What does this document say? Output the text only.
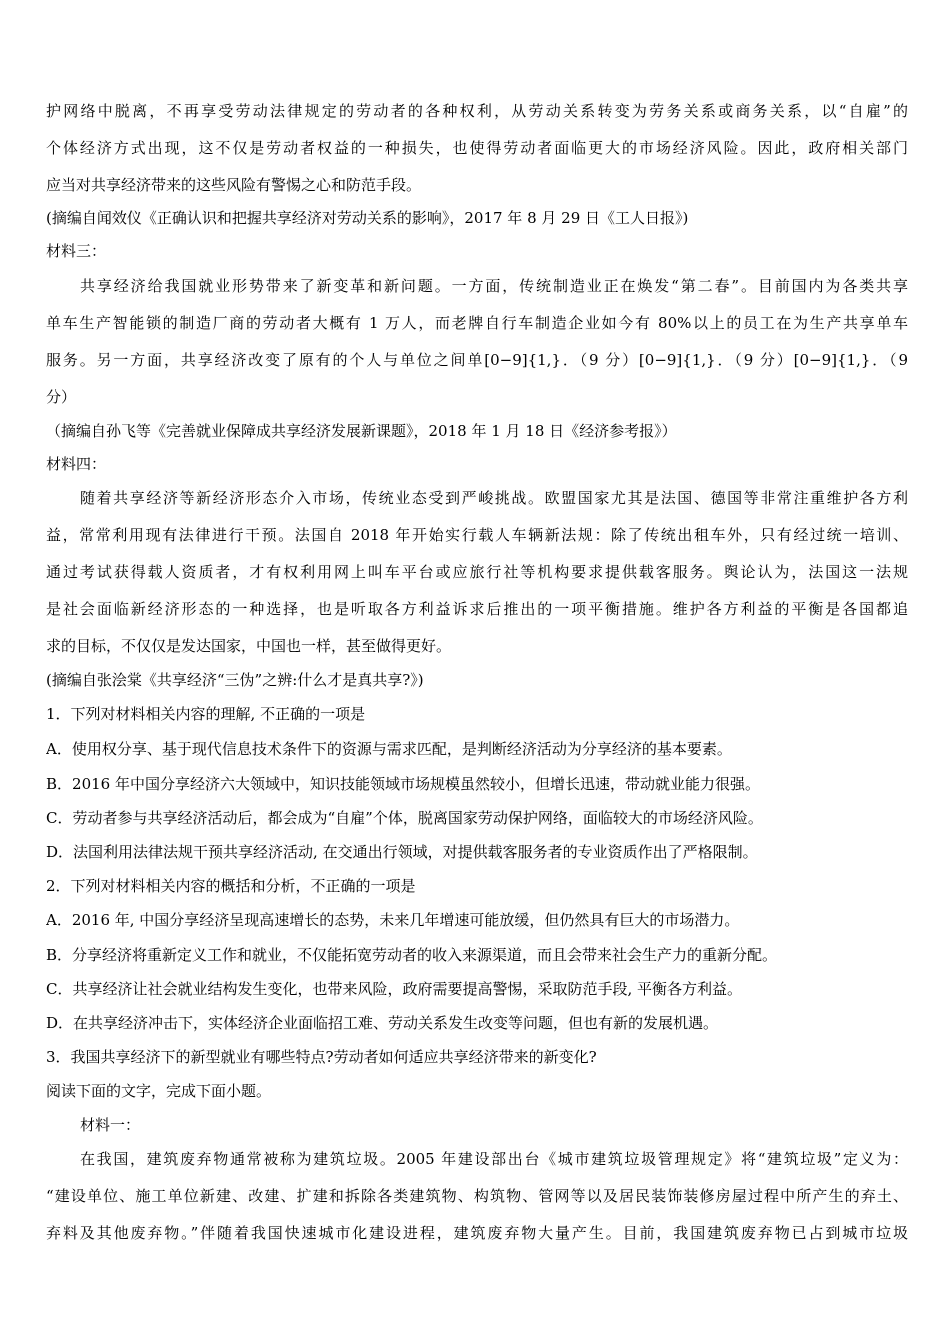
护网络中脱离，不再享受劳动法律规定的劳动者的各种权利，从劳动关系转变为劳务关系或商务关系，以“自雇”的
个体经济方式出现，这不仅是劳动者权益的一种损失，也使得劳动者面临更大的市场经济风险。因此，政府相关部门
应当对共享经济带来的这些风险有警惕之心和防范手段。
(摘编自闻效仪《正确认识和把握共享经济对劳动关系的影响》，2017 年 8 月 29 日《工人日报》)
材料三：
共享经济给我国就业形势带来了新变革和新问题。一方面，传统制造业正在焕发“第二春”。目前国内为各类共享
单车生产智能锁的制造厂商的劳动者大概有 1 万人，而老牌自行车制造企业如今有 80%以上的员工在为生产共享单车
服务。另一方面，共享经济改变了原有的个人与单位之间单[0−9]{1,}．（9 分）[0−9]{1,}．（9 分）[0−9]{1,}．（9
分）
（摘编自孙飞等《完善就业保障成共享经济发展新课题》，2018 年 1 月 18 日《经济参考报》）
材料四：
随着共享经济等新经济形态介入市场，传统业态受到严峻挑战。欧盟国家尤其是法国、德国等非常注重维护各方利
益，常常利用现有法律进行干预。法国自 2018 年开始实行载人车辆新法规：除了传统出租车外，只有经过统一培训、
通过考试获得载人资质者，才有权利用网上叫车平台或应旅行社等机构要求提供载客服务。舆论认为，法国这一法规
是社会面临新经济形态的一种选择，也是听取各方利益诉求后推出的一项平衡措施。维护各方利益的平衡是各国都追
求的目标，不仅仅是发达国家，中国也一样，甚至做得更好。
(摘编自张浍棠《共享经济“三伪”之辨:什么才是真共享?》)
1．下列对材料相关内容的理解, 不正确的一项是
A．使用权分享、基于现代信息技术条件下的资源与需求匹配，是判断经济活动为分享经济的基本要素。
B．2016 年中国分享经济六大领域中，知识技能领域市场规模虽然较小，但增长迅速，带动就业能力很强。
C．劳动者参与共享经济活动后，都会成为“自雇”个体，脱离国家劳动保护网络，面临较大的市场经济风险。
D．法国利用法律法规干预共享经济活动, 在交通出行领域，对提供载客服务者的专业资质作出了严格限制。
2．下列对材料相关内容的概括和分析，不正确的一项是
A．2016 年, 中国分享经济呈现高速增长的态势，未来几年增速可能放缓，但仍然具有巨大的市场潜力。
B．分享经济将重新定义工作和就业，不仅能拓宽劳动者的收入来源渠道，而且会带来社会生产力的重新分配。
C．共享经济让社会就业结构发生变化，也带来风险，政府需要提高警惕，采取防范手段, 平衡各方利益。
D．在共享经济冲击下，实体经济企业面临招工难、劳动关系发生改变等问题，但也有新的发展机遇。
3．我国共享经济下的新型就业有哪些特点?劳动者如何适应共享经济带来的新变化?
阅读下面的文字，完成下面小题。
材料一：
在我国，建筑废弃物通常被称为建筑垃圾。2005 年建设部出台《城市建筑垃圾管理规定》将“建筑垃圾”定义为：
“建设单位、施工单位新建、改建、扩建和拆除各类建筑物、构筑物、管网等以及居民装饰装修房屋过程中所产生的弃土、
弃料及其他废弃物。”伴随着我国快速城市化建设进程，建筑废弃物大量产生。目前，我国建筑废弃物已占到城市垃圾
